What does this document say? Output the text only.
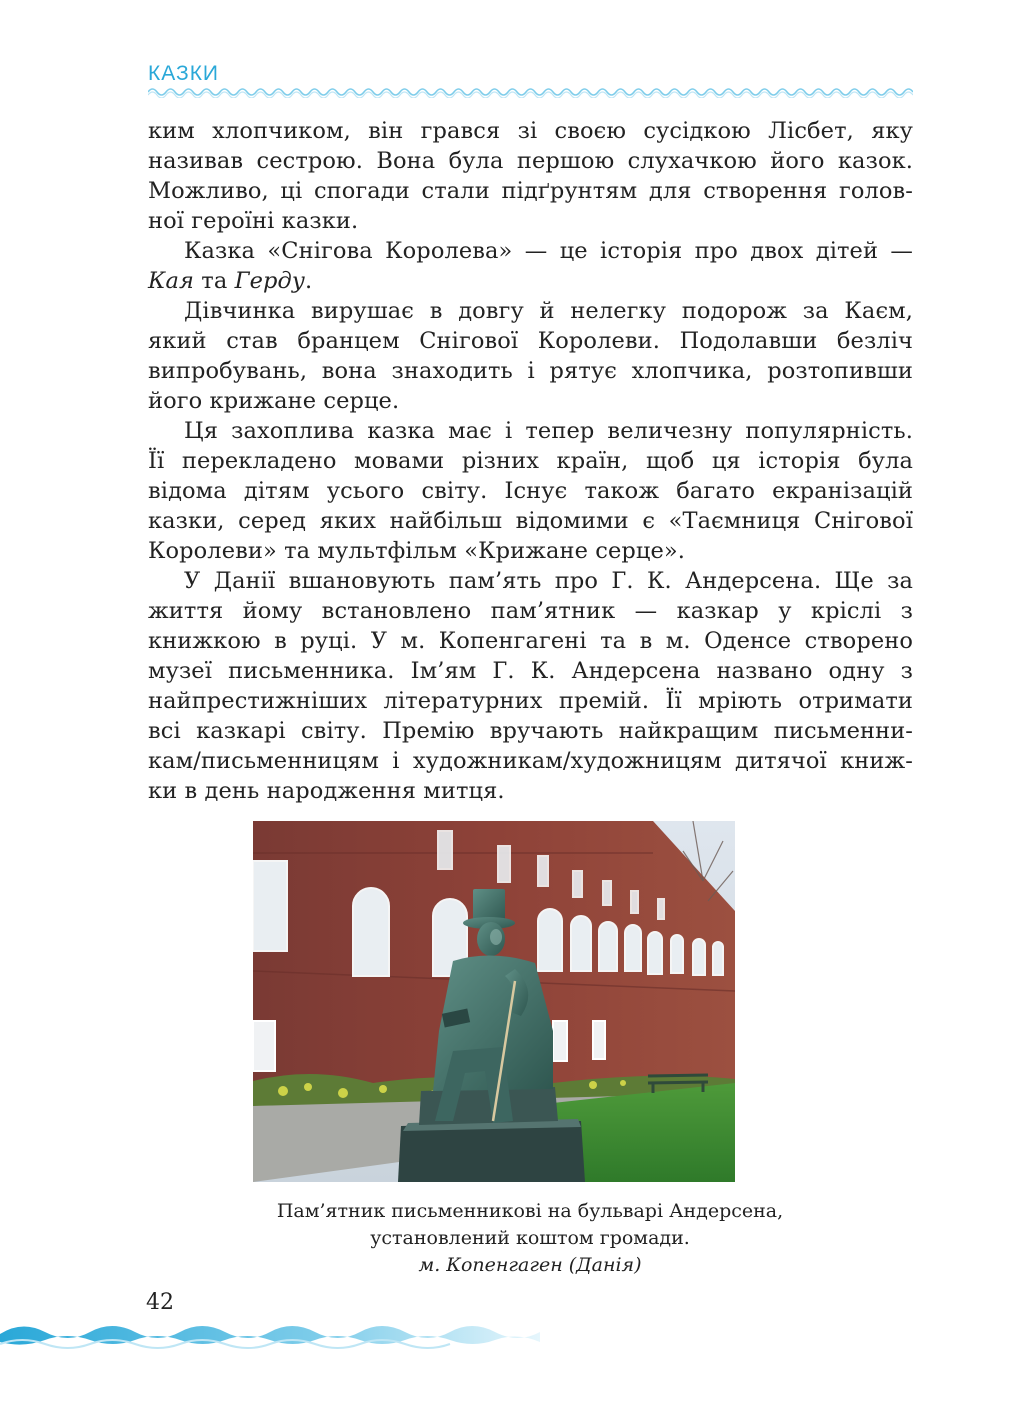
КАЗКИ

ким хлопчиком, він грався зі своєю сусідкою Лісбет, яку
називав сестрою. Вона була першою слухачкою його казок.
Можливо, ці спогади стали підґрунтям для створення голов-
ної героїні казки.

Казка «Снігова Королева» — це історія про двох дітей —
Кая та Герду.

Дівчинка вирушає в довгу й нелегку подорож за Каєм,
який став бранцем Снігової Королеви. Подолавши безліч
випробувань, вона знаходить і рятує хлопчика, розтопивши
його крижане серце.

Ця захоплива казка має і тепер величезну популярність.
Її перекладено мовами різних країн, щоб ця історія була
відома дітям усього світу. Існує також багато екранізацій
казки, серед яких найбільш відомими є «Таємниця Снігової
Королеви» та мультфільм «Крижане серце».

У Данії вшановують пам’ять про Г. К. Андерсена. Ще за
життя йому встановлено пам’ятник — казкар у кріслі з
книжкою в руці. У м. Копенгагені та в м. Оденсе створено
музеї письменника. Ім’ям Г. К. Андерсена названо одну з
найпрестижніших літературних премій. Її мріють отримати
всі казкарі світу. Премію вручають найкращим письменни-
кам/письменницям і художникам/художницям дитячої книж-
ки в день народження митця.

Пам’ятник письменникові на бульварі Андерсена,
установлений коштом громади.
м. Копенгаген (Данія)
42
